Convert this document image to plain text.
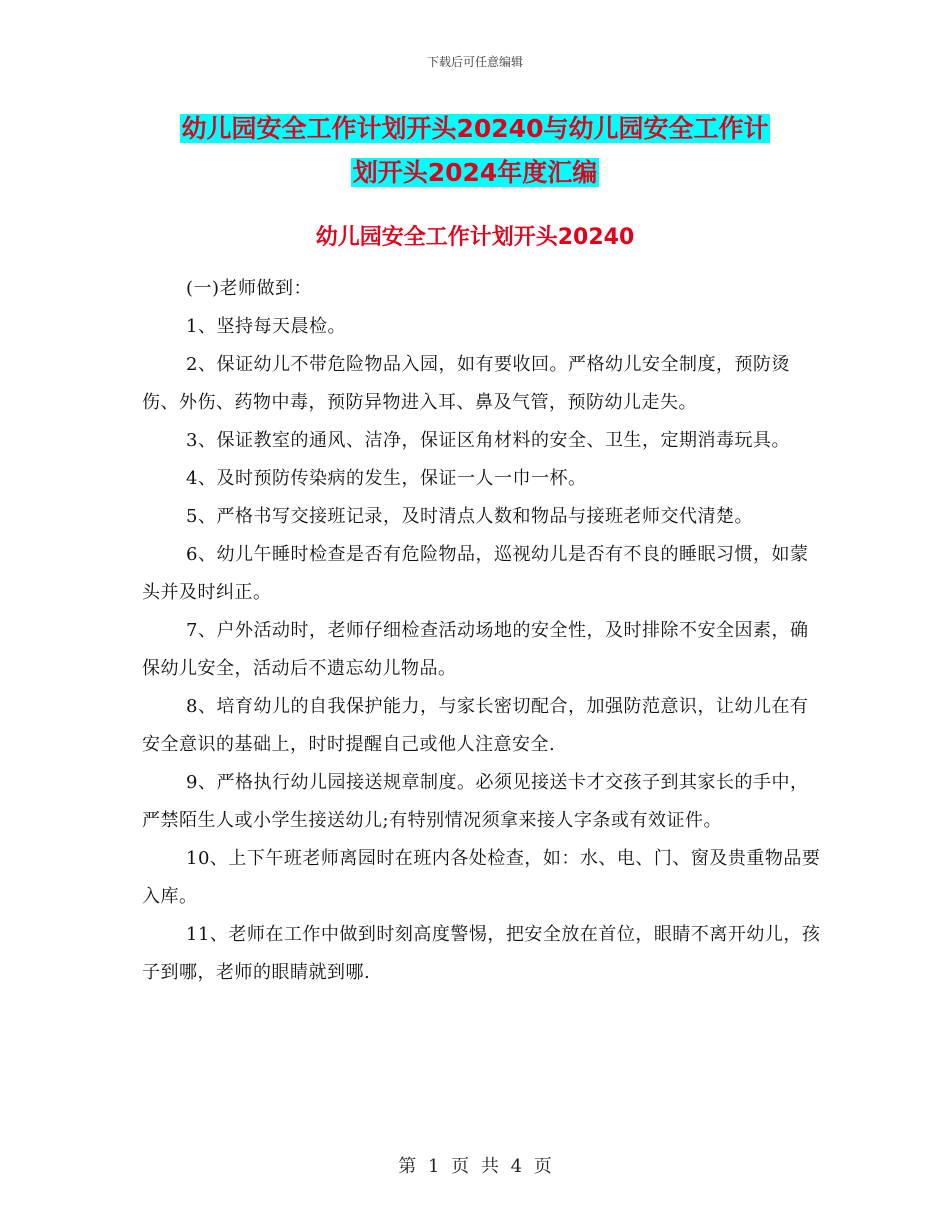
下载后可任意编辑
幼儿园安全工作计划开头20240与幼儿园安全工作计
划开头2024年度汇编
幼儿园安全工作计划开头20240

(一)老师做到：

1、坚持每天晨检。

2、保证幼儿不带危险物品入园，如有要收回。严格幼儿安全制度，预防烫伤、外伤、药物中毒，预防异物进入耳、鼻及气管，预防幼儿走失。

3、保证教室的通风、洁净，保证区角材料的安全、卫生，定期消毒玩具。

4、及时预防传染病的发生，保证一人一巾一杯。

5、严格书写交接班记录，及时清点人数和物品与接班老师交代清楚。

6、幼儿午睡时检查是否有危险物品，巡视幼儿是否有不良的睡眠习惯，如蒙头并及时纠正。

7、户外活动时，老师仔细检查活动场地的安全性，及时排除不安全因素，确保幼儿安全，活动后不遗忘幼儿物品。

8、培育幼儿的自我保护能力，与家长密切配合，加强防范意识，让幼儿在有安全意识的基础上，时时提醒自己或他人注意安全.

9、严格执行幼儿园接送规章制度。必须见接送卡才交孩子到其家长的手中，严禁陌生人或小学生接送幼儿;有特别情况须拿来接人字条或有效证件。

10、上下午班老师离园时在班内各处检查，如：水、电、门、窗及贵重物品要入库。

11、老师在工作中做到时刻高度警惕，把安全放在首位，眼睛不离开幼儿，孩子到哪，老师的眼睛就到哪.

第 1 页 共 4 页
